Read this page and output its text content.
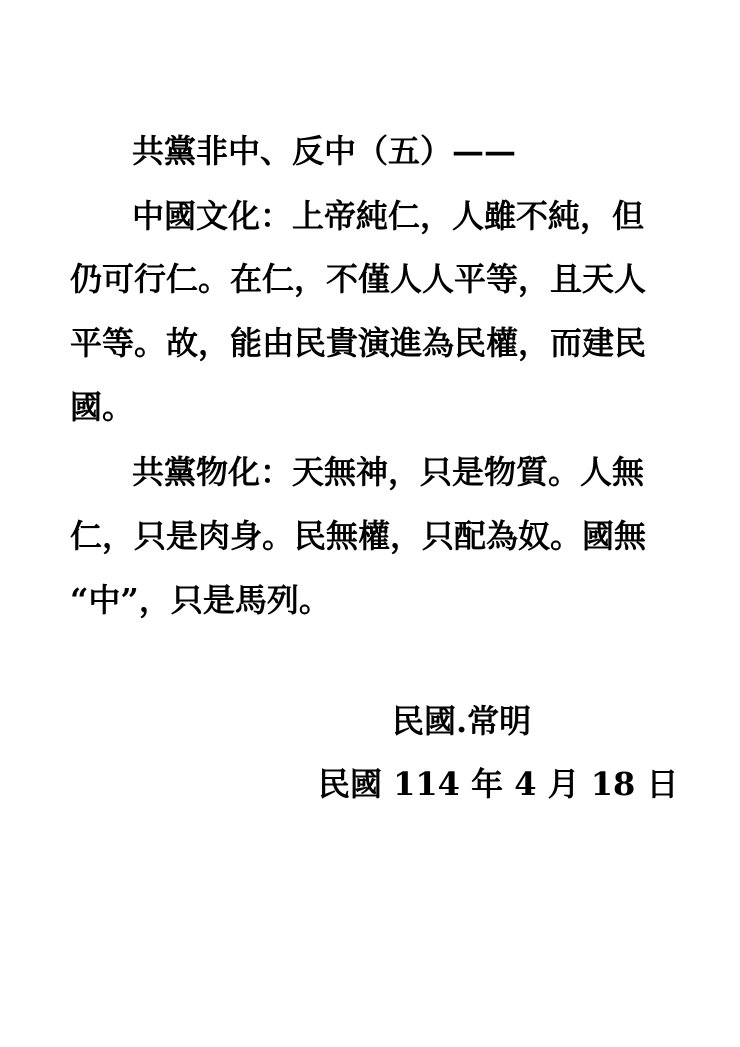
共黨非中、反中（五）——
中國文化：上帝純仁，人雖不純，但
仍可行仁。在仁，不僅人人平等，且天人
平等。故，能由民貴演進為民權，而建民
國。
共黨物化：天無神，只是物質。人無
仁，只是肉身。民無權，只配為奴。國無
“中”，只是馬列。
民國.常明
民國 114 年 4 月 18 日
